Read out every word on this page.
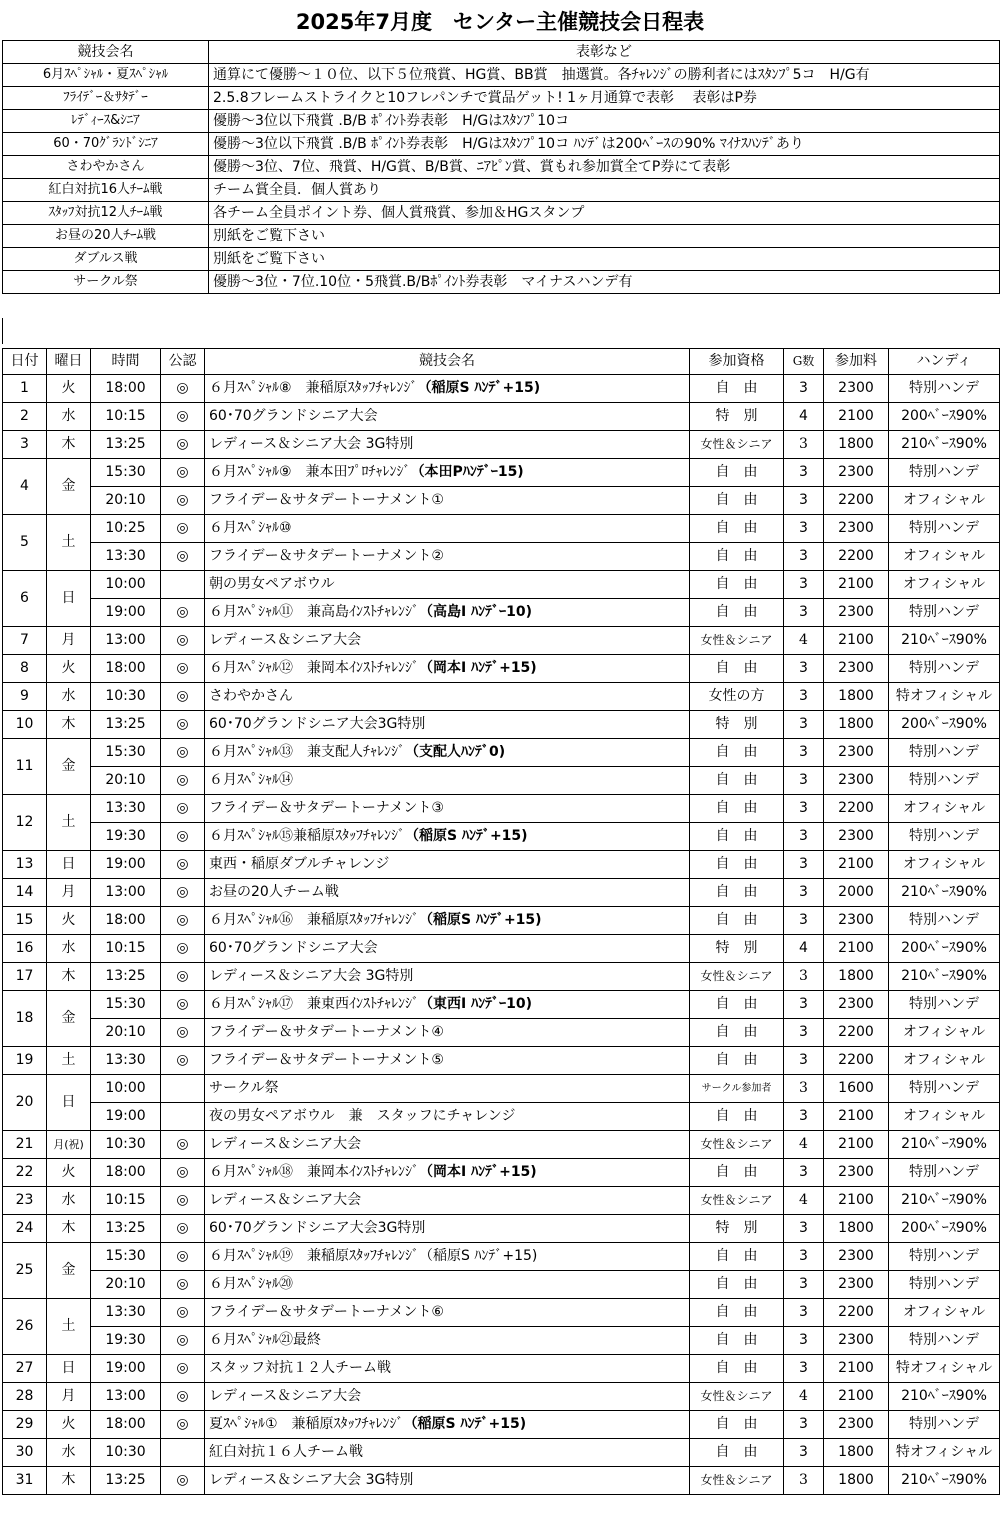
2025年7月度　センター主催競技会日程表
競技会名	表彰など
6月ｽﾍﾟｼｬﾙ・夏ｽﾍﾟｼｬﾙ	通算にて優勝～１０位、以下５位飛賞、HG賞、BB賞　抽選賞。各ﾁｬﾚﾝｼﾞの勝利者にはｽﾀﾝﾌﾟ5コ　H/G有
ﾌﾗｲﾃﾞｰ＆ｻﾀﾃﾞｰ	2.5.8フレームストライクと10フレパンチで賞品ゲット! 1ヶ月通算で表彰　 表彰はP券
ﾚﾃﾞｨｰｽ&ｼﾆｱ	優勝～3位以下飛賞 .B/B ﾎﾟｲﾝﾄ券表彰　H/Gはｽﾀﾝﾌﾟ10コ
60・70ｸﾞﾗﾝﾄﾞｼﾆｱ	優勝～3位以下飛賞 .B/B ﾎﾟｲﾝﾄ券表彰　H/Gはｽﾀﾝﾌﾟ10コ ﾊﾝﾃﾞは200ﾍﾞｰｽの90% ﾏｲﾅｽﾊﾝﾃﾞあり
さわやかさん	優勝～3位、7位、飛賞、H/G賞、B/B賞、ﾆｱﾋﾟﾝ賞、賞もれ参加賞全てP券にて表彰
紅白対抗16人ﾁｰﾑ戦	チーム賞全員．個人賞あり
ｽﾀｯﾌ対抗12人ﾁｰﾑ戦	各チーム全員ポイント券、個人賞飛賞、参加＆HGスタンプ
お昼の20人ﾁｰﾑ戦	別紙をご覧下さい
ダブルス戦	別紙をご覧下さい
サークル祭	優勝～3位・7位.10位・5飛賞.B/Bﾎﾟｲﾝﾄ券表彰　マイナスハンデ有
日付	曜日	時間	公認	競技会名	参加資格	G数	参加料	ハンディ
1	火	18:00	◎	６月ｽﾍﾟｼｬﾙ⑧　兼稲原ｽﾀｯﾌﾁｬﾚﾝｼﾞ（稲原S ﾊﾝﾃﾞ+15)	自　由	3	2300	特別ハンデ
2	水	10:15	◎	60･70グランドシニア大会	特　別	4	2100	200ﾍﾞｰｽ90%
3	木	13:25	◎	レディース＆シニア大会 3G特別	女性＆シニア	3	1800	210ﾍﾞｰｽ90%
4	金	15:30	◎	６月ｽﾍﾟｼｬﾙ⑨　兼本田ﾌﾟﾛﾁｬﾚﾝｼﾞ（本田Pﾊﾝﾃﾞｰ15)	自　由	3	2300	特別ハンデ
		20:10	◎	フライデー＆サタデートーナメント①	自　由	3	2200	オフィシャル
5	土	10:25	◎	６月ｽﾍﾟｼｬﾙ⑩	自　由	3	2300	特別ハンデ
		13:30	◎	フライデー＆サタデートーナメント②	自　由	3	2200	オフィシャル
6	日	10:00		朝の男女ペアボウル	自　由	3	2100	オフィシャル
		19:00	◎	６月ｽﾍﾟｼｬﾙ⑪　兼高島ｲﾝｽﾄﾁｬﾚﾝｼﾞ（高島I ﾊﾝﾃﾞｰ10)	自　由	3	2300	特別ハンデ
7	月	13:00	◎	レディース＆シニア大会	女性＆シニア	4	2100	210ﾍﾞｰｽ90%
8	火	18:00	◎	６月ｽﾍﾟｼｬﾙ⑫　兼岡本ｲﾝｽﾄﾁｬﾚﾝｼﾞ（岡本I ﾊﾝﾃﾞ+15)	自　由	3	2300	特別ハンデ
9	水	10:30	◎	さわやかさん	女性の方	3	1800	特オフィシャル
10	木	13:25	◎	60･70グランドシニア大会3G特別	特　別	3	1800	200ﾍﾞｰｽ90%
11	金	15:30	◎	６月ｽﾍﾟｼｬﾙ⑬　兼支配人ﾁｬﾚﾝｼﾞ（支配人ﾊﾝﾃﾞ0)	自　由	3	2300	特別ハンデ
		20:10	◎	６月ｽﾍﾟｼｬﾙ⑭	自　由	3	2300	特別ハンデ
12	土	13:30	◎	フライデー＆サタデートーナメント③	自　由	3	2200	オフィシャル
		19:30	◎	６月ｽﾍﾟｼｬﾙ⑮兼稲原ｽﾀｯﾌﾁｬﾚﾝｼﾞ（稲原S ﾊﾝﾃﾞ+15)	自　由	3	2300	特別ハンデ
13	日	19:00	◎	東西・稲原ダブルチャレンジ	自　由	3	2100	オフィシャル
14	月	13:00	◎	お昼の20人チーム戦	自　由	3	2000	210ﾍﾞｰｽ90%
15	火	18:00	◎	６月ｽﾍﾟｼｬﾙ⑯　兼稲原ｽﾀｯﾌﾁｬﾚﾝｼﾞ（稲原S ﾊﾝﾃﾞ+15)	自　由	3	2300	特別ハンデ
16	水	10:15	◎	60･70グランドシニア大会	特　別	4	2100	200ﾍﾞｰｽ90%
17	木	13:25	◎	レディース＆シニア大会 3G特別	女性＆シニア	3	1800	210ﾍﾞｰｽ90%
18	金	15:30	◎	６月ｽﾍﾟｼｬﾙ⑰　兼東西ｲﾝｽﾄﾁｬﾚﾝｼﾞ（東西I ﾊﾝﾃﾞｰ10)	自　由	3	2300	特別ハンデ
		20:10	◎	フライデー＆サタデートーナメント④	自　由	3	2200	オフィシャル
19	土	13:30	◎	フライデー＆サタデートーナメント⑤	自　由	3	2200	オフィシャル
20	日	10:00		サークル祭	サークル参加者	3	1600	特別ハンデ
		19:00		夜の男女ペアボウル　兼　スタッフにチャレンジ	自　由	3	2100	オフィシャル
21	月(祝)	10:30	◎	レディース＆シニア大会	女性＆シニア	4	2100	210ﾍﾞｰｽ90%
22	火	18:00	◎	６月ｽﾍﾟｼｬﾙ⑱　兼岡本ｲﾝｽﾄﾁｬﾚﾝｼﾞ（岡本I ﾊﾝﾃﾞ+15)	自　由	3	2300	特別ハンデ
23	水	10:15	◎	レディース＆シニア大会	女性＆シニア	4	2100	210ﾍﾞｰｽ90%
24	木	13:25	◎	60･70グランドシニア大会3G特別	特　別	3	1800	200ﾍﾞｰｽ90%
25	金	15:30	◎	６月ｽﾍﾟｼｬﾙ⑲　兼稲原ｽﾀｯﾌﾁｬﾚﾝｼﾞ（稲原S ﾊﾝﾃﾞ+15)	自　由	3	2300	特別ハンデ
		20:10	◎	６月ｽﾍﾟｼｬﾙ⑳	自　由	3	2300	特別ハンデ
26	土	13:30	◎	フライデー＆サタデートーナメント⑥	自　由	3	2200	オフィシャル
		19:30	◎	６月ｽﾍﾟｼｬﾙ㉑最終	自　由	3	2300	特別ハンデ
27	日	19:00	◎	スタッフ対抗１２人チーム戦	自　由	3	2100	特オフィシャル
28	月	13:00	◎	レディース＆シニア大会	女性＆シニア	4	2100	210ﾍﾞｰｽ90%
29	火	18:00	◎	夏ｽﾍﾟｼｬﾙ①　兼稲原ｽﾀｯﾌﾁｬﾚﾝｼﾞ（稲原S ﾊﾝﾃﾞ+15)	自　由	3	2300	特別ハンデ
30	水	10:30		紅白対抗１６人チーム戦	自　由	3	1800	特オフィシャル
31	木	13:25	◎	レディース＆シニア大会 3G特別	女性＆シニア	3	1800	210ﾍﾞｰｽ90%
